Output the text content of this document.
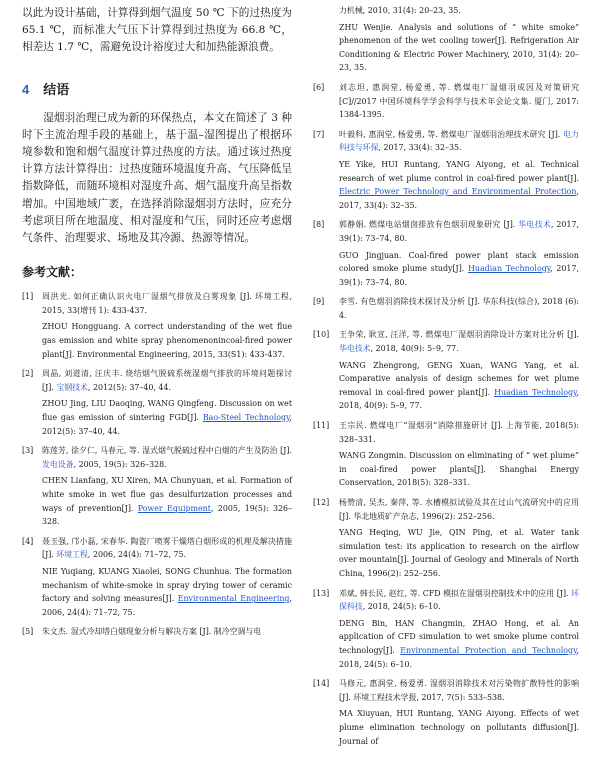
以此为设计基础，计算得到烟气温度 50 ℃ 下的过热度为 65.1 ℃，而标准大气压下计算得到过热度为 66.8 ℃，相差达 1.7 ℃，需避免设计裕度过大和加热能源浪费。
4 结语
湿烟羽治理已成为新的环保热点，本文在简述了 3 种时下主流治理手段的基础上，基于温–湿图提出了根据环境参数和饱和烟气温度计算过热度的方法。通过该过热度计算方法计算得出：过热度随环境温度升高、气压降低呈指数降低，而随环境相对湿度升高、烟气温度升高呈指数增加。中国地域广袤，在选择消除湿烟羽方法时，应充分考虑项目所在地温度、相对湿度和气压，同时还应考虑烟气条件、治理要求、场地及其冷源、热源等情况。
参考文献：
[1]	周洪光. 如何正确认识火电厂湿烟气排放及白雾现象 [J]. 环境工程, 2015, 33(增刊 1): 433-437.
ZHOU Hongguang. A correct understanding of the wet flue gas emission and white spray phenomenonincoal-fired power plant[J]. Environmental Engineering, 2015, 33(S1): 433-437.
[2]	周晶, 刘道清, 汪庆丰. 烧结烟气脱硫系统湿烟气排放的环境问题探讨 [J]. 宝钢技术, 2012(5): 37–40, 44.
ZHOU Jing, LIU Daoqing, WANG Qingfeng. Discussion on wet flue gas emission of sintering FGD[J]. Bao-Steel Technology, 2012(5): 37–40, 44.
[3]	陈莲芳, 徐夕仁, 马春元, 等. 湿式烟气脱硫过程中白烟的产生及防治 [J]. 发电设备, 2005, 19(5): 326–328.
CHEN Lianfang, XU Xiren, MA Chunyuan, et al. Formation of white smoke in wet flue gas desulfurization processes and ways of prevention[J]. Power Equipment, 2005, 19(5): 326–328.
[4]	聂玉强, 邝小磊, 宋春华. 陶瓷厂喷雾干燥塔白烟形成的机理及解决措施 [J]. 环境工程, 2006, 24(4): 71–72, 75.
NIE Yuqiang, KUANG Xiaolei, SONG Chunhua. The formation mechanism of white-smoke in spray drying tower of ceramic factory and solving measures[J]. Environmental Engineering, 2006, 24(4): 71–72, 75.
[5]	朱文杰. 湿式冷却塔白烟现象分析与解决方案 [J]. 制冷空调与电
力机械, 2010, 31(4): 20–23, 35.
ZHU Wenjie. Analysis and solutions of “ white smoke” phenomenon of the wet cooling tower[J]. Refrigeration Air Conditioning & Electric Power Machinery, 2010, 31(4): 20–23, 35.
[6]	刘志坦, 惠润堂, 杨爱勇, 等. 燃煤电厂湿烟羽成因及对策研究 [C]//2017 中国环境科学学会科学与技术年会论文集. 厦门, 2017: 1384-1395.
[7]	叶毅科, 惠润堂, 杨爱勇, 等. 燃煤电厂湿烟羽治理技术研究 [J]. 电力科技与环保, 2017, 33(4): 32–35.
YE Yike, HUI Runtang, YANG Aiyong, et al. Technical research of wet plume control in coal-fired power plant[J]. Electric Power Technology and Environmental Protection, 2017, 33(4): 32–35.
[8]	郭静娟. 燃煤电站烟囱排放有色烟羽现象研究 [J]. 华电技术, 2017, 39(1): 73–74, 80.
GUO Jingjuan. Coal-fired power plant stack emission colored smoke plume study[J]. Huadian Technology, 2017, 39(1): 73–74, 80.
[9]	李雪. 有色烟羽消除技术探讨及分析 [J]. 华东科技(综合), 2018 (6): 4.
[10]	王争荣, 耿宣, 汪洋, 等. 燃煤电厂湿烟羽消除设计方案对比分析 [J]. 华电技术, 2018, 40(9): 5–9, 77.
WANG Zhengrong, GENG Xuan, WANG Yang, et al. Comparative analysis of design schemes for wet plume removal in coal-fired power plant[J]. Huadian Technology, 2018, 40(9): 5–9, 77.
[11]	王宗民. 燃煤电厂“湿烟羽”消除措施研讨 [J]. 上海节能, 2018(5): 328–331.
WANG Zongmin. Discussion on eliminating of “ wet plume” in coal-fired power plants[J]. Shanghai Energy Conservation, 2018(5): 328–331.
[12]	杨赞清, 吴杰, 秦萍, 等. 水槽模拟试验及其在过山气流研究中的应用 [J]. 华北地质矿产杂志, 1996(2): 252–256.
YANG Heqing, WU Jie, QIN Ping, et al. Water tank simulation test: its application to research on the airflow over mountain[J]. Journal of Geology and Minerals of North China, 1996(2): 252–256.
[13]	邓斌, 韩长民, 赵红, 等. CFD 模拟在湿烟羽控制技术中的应用 [J]. 环保科技, 2018, 24(5): 6–10.
DENG Bin, HAN Changmin, ZHAO Hong, et al. An application of CFD simulation to wet smoke plume control technology[J]. Environmental Protection and Technology, 2018, 24(5): 6–10.
[14]	马修元, 惠润堂, 杨爱勇. 湿烟羽消除技术对污染物扩散特性的影响 [J]. 环境工程技术学报, 2017, 7(5): 533–538.
MA Xiuyuan, HUI Runtang, YANG Aiyong. Effects of wet plume elimination technology on pollutants diffusion[J]. Journal of
